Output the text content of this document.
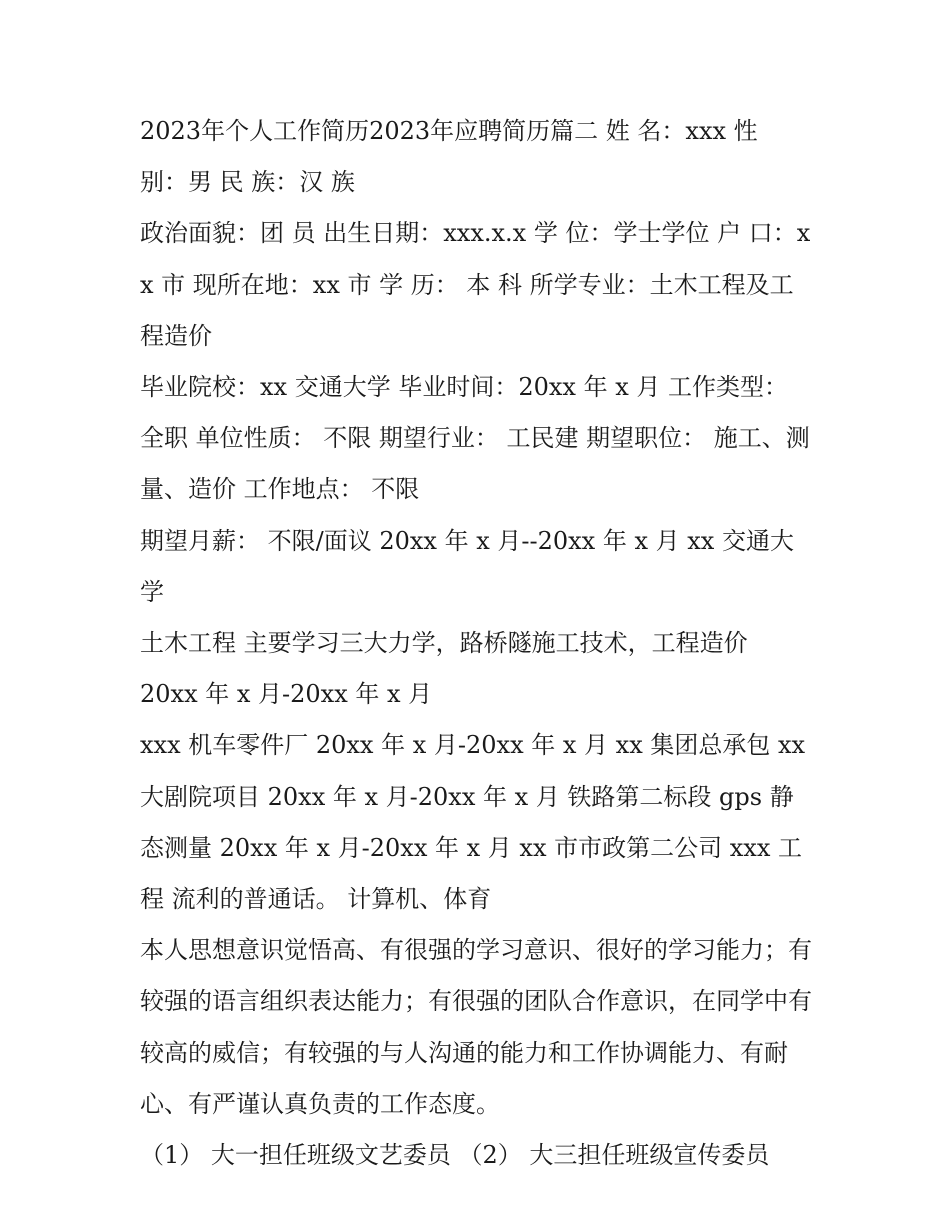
2023年个人工作简历2023年应聘简历篇二 姓 名：xxx 性 别：男 民 族：汉 族

政治面貌：团 员 出生日期：xxx.x.x 学 位：学士学位 户 口：xx 市 现所在地：xx 市 学 历： 本 科 所学专业：土木工程及工程造价

毕业院校：xx 交通大学 毕业时间：20xx 年 x 月 工作类型： 全职 单位性质： 不限 期望行业： 工民建 期望职位： 施工、测量、造价 工作地点： 不限

期望月薪： 不限/面议 20xx 年 x 月--20xx 年 x 月 xx 交通大学

土木工程 主要学习三大力学，路桥隧施工技术，工程造价

20xx 年 x 月-20xx 年 x 月

xxx 机车零件厂 20xx 年 x 月-20xx 年 x 月 xx 集团总承包 xx 大剧院项目 20xx 年 x 月-20xx 年 x 月 铁路第二标段 gps 静态测量 20xx 年 x 月-20xx 年 x 月 xx 市市政第二公司 xxx 工程 流利的普通话。 计算机、体育

本人思想意识觉悟高、有很强的学习意识、很好的学习能力；有较强的语言组织表达能力；有很强的团队合作意识，在同学中有较高的威信；有较强的与人沟通的能力和工作协调能力、有耐心、有严谨认真负责的工作态度。

（1） 大一担任班级文艺委员 （2） 大三担任班级宣传委员
